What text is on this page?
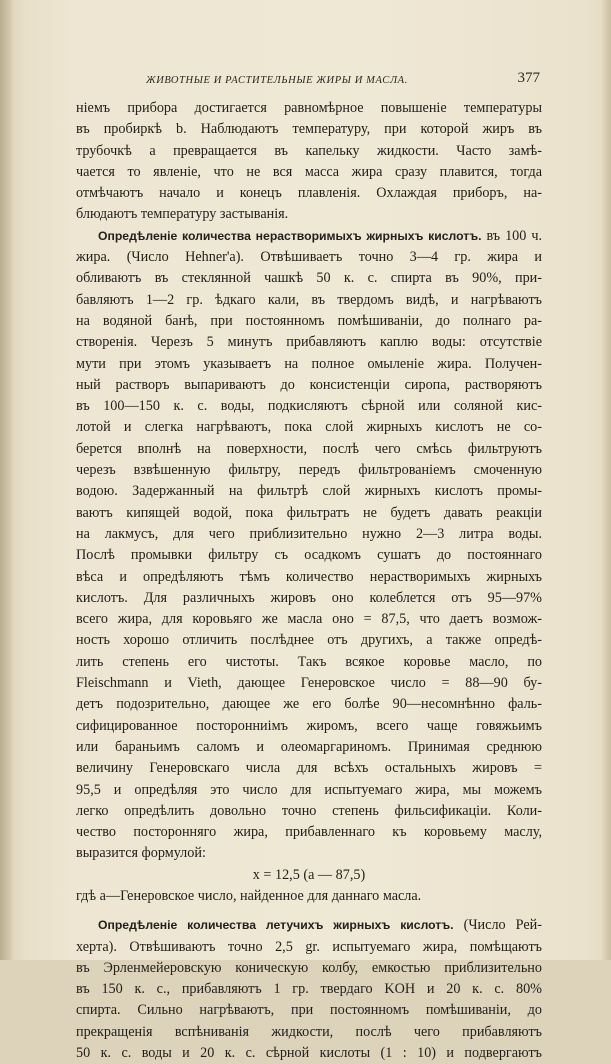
ЖИВОТНЫЕ И РАСТИТЕЛЬНЫЕ ЖИРЫ И МАСЛА.	377
ніемъ прибора достигается равномѣрное повышеніе температуры
въ пробиркѣ b. Наблюдаютъ температуру, при которой жиръ въ
трубочкѣ а превращается въ капельку жидкости. Часто замѣ-
чается то явленіе, что не вся масса жира сразу плавится, тогда
отмѣчаютъ начало и конецъ плавленія. Охлаждая приборъ, на-
блюдаютъ температуру застыванія.
Опредѣленіе количества нерастворимыхъ жирныхъ кислотъ. въ 100 ч.
жира. (Число Hehner'а). Отвѣшиваетъ точно 3—4 гр. жира и
обливаютъ въ стеклянной чашкѣ 50 к. с. спирта въ 90%, при-
бавляютъ 1—2 гр. ѣдкаго кали, въ твердомъ видѣ, и нагрѣваютъ
на водяной банѣ, при постоянномъ помѣшиваніи, до полнаго ра-
створенія. Черезъ 5 минутъ прибавляютъ каплю воды: отсутствіе
мути при этомъ указываетъ на полное омыленіе жира. Получен-
ный растворъ выпариваютъ до консистенціи сиропа, растворяютъ
въ 100—150 к. с. воды, подкисляютъ сѣрной или соляной кис-
лотой и слегка нагрѣваютъ, пока слой жирныхъ кислотъ не со-
берется вполнѣ на поверхности, послѣ чего смѣсь фильтруютъ
черезъ взвѣшенную фильтру, передъ фильтрованіемъ смоченную
водою. Задержанный на фильтрѣ слой жирныхъ кислотъ промы-
ваютъ кипящей водой, пока фильтратъ не будетъ давать реакціи
на лакмусъ, для чего приблизительно нужно 2—3 литра воды.
Послѣ промывки фильтру съ осадкомъ сушатъ до постояннаго
вѣса и опредѣляютъ тѣмъ количество нерастворимыхъ жирныхъ
кислотъ. Для различныхъ жировъ оно колеблется отъ 95—97%
всего жира, для коровьяго же масла оно = 87,5, что даетъ возмож-
ность хорошо отличить послѣднее отъ другихъ, а также опредѣ-
лить степень его чистоты. Такъ всякое коровье масло, по
Fleischmann и Vieth, дающее Генеровское число = 88—90 бу-
детъ подозрительно, дающее же его болѣе 90—несомнѣнно фаль-
сифицированное посторонниімъ жиромъ, всего чаще говяжьимъ
или бараньимъ саломъ и олеомаргариномъ. Принимая среднюю
величину Генеровскаго числа для всѣхъ остальныхъ жировъ =
95,5 и опредѣляя это число для испытуемаго жира, мы можемъ
легко опредѣлить довольно точно степень фильсификаціи. Коли-
чество посторонняго жира, прибавленнаго къ коровьему маслу,
выразится формулой:
x = 12,5 (a — 87,5)
гдѣ a—Генеровское число, найденное для даннаго масла.
Опредѣленіе количества летучихъ жирныхъ кислотъ. (Число Рей-
херта). Отвѣшиваютъ точно 2,5 gr. испытуемаго жира, помѣщаютъ
въ Эрленмейеровскую коническую колбу, емкостью приблизительно
въ 150 к. с., прибавляютъ 1 гр. твердаго KOH и 20 к. с. 80%
спирта. Сильно нагрѣваютъ, при постоянномъ помѣшиваніи, до
прекращенія вспѣниванія жидкости, послѣ чего прибавляютъ
50 к. с. воды и 20 к. с. сѣрной кислоты (1 : 10) и подвергаютъ
